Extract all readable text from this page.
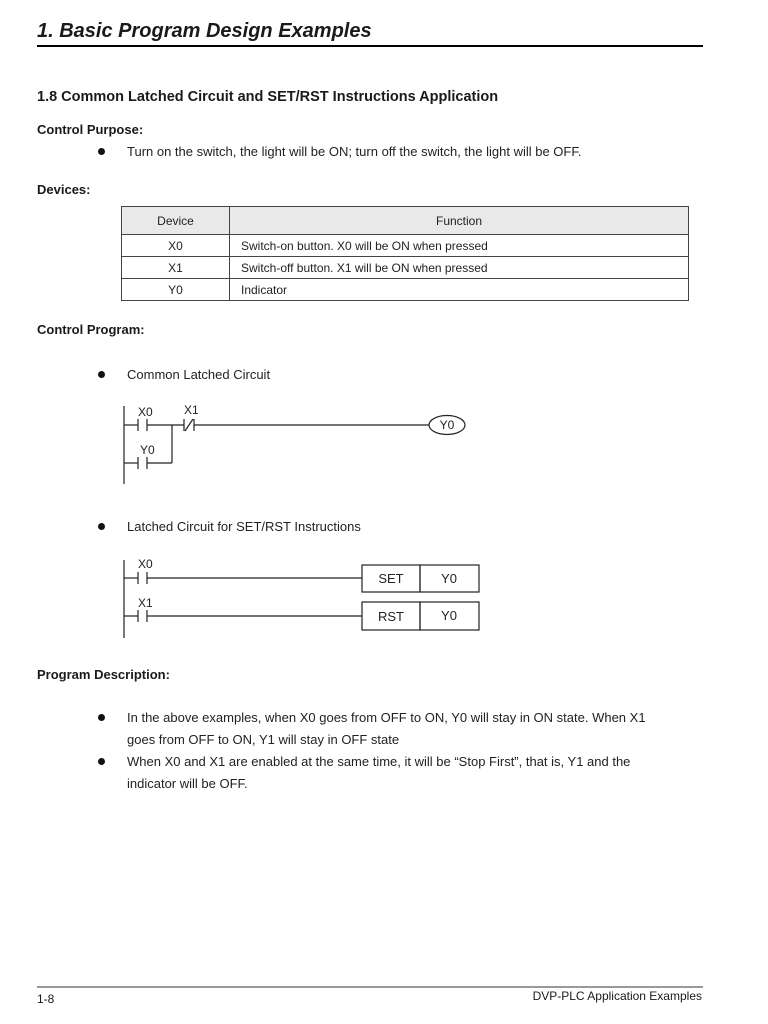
1. Basic Program Design Examples
1.8 Common Latched Circuit and SET/RST Instructions Application
Control Purpose:
Turn on the switch, the light will be ON; turn off the switch, the light will be OFF.
Devices:
Device	Function
X0	Switch-on button. X0 will be ON when pressed
X1	Switch-off button. X1 will be ON when pressed
Y0	Indicator
Control Program:
Common Latched Circuit
X0	X1
Y0
Y0
Latched Circuit for SET/RST Instructions
X0
X1
SET	Y0
RST	Y0
Program Description:
In the above examples, when X0 goes from OFF to ON, Y0 will stay in ON state. When X1
goes from OFF to ON, Y1 will stay in OFF state
When X0 and X1 are enabled at the same time, it will be “Stop First”, that is, Y1 and the
indicator will be OFF.
1-8	DVP-PLC Application Examples
